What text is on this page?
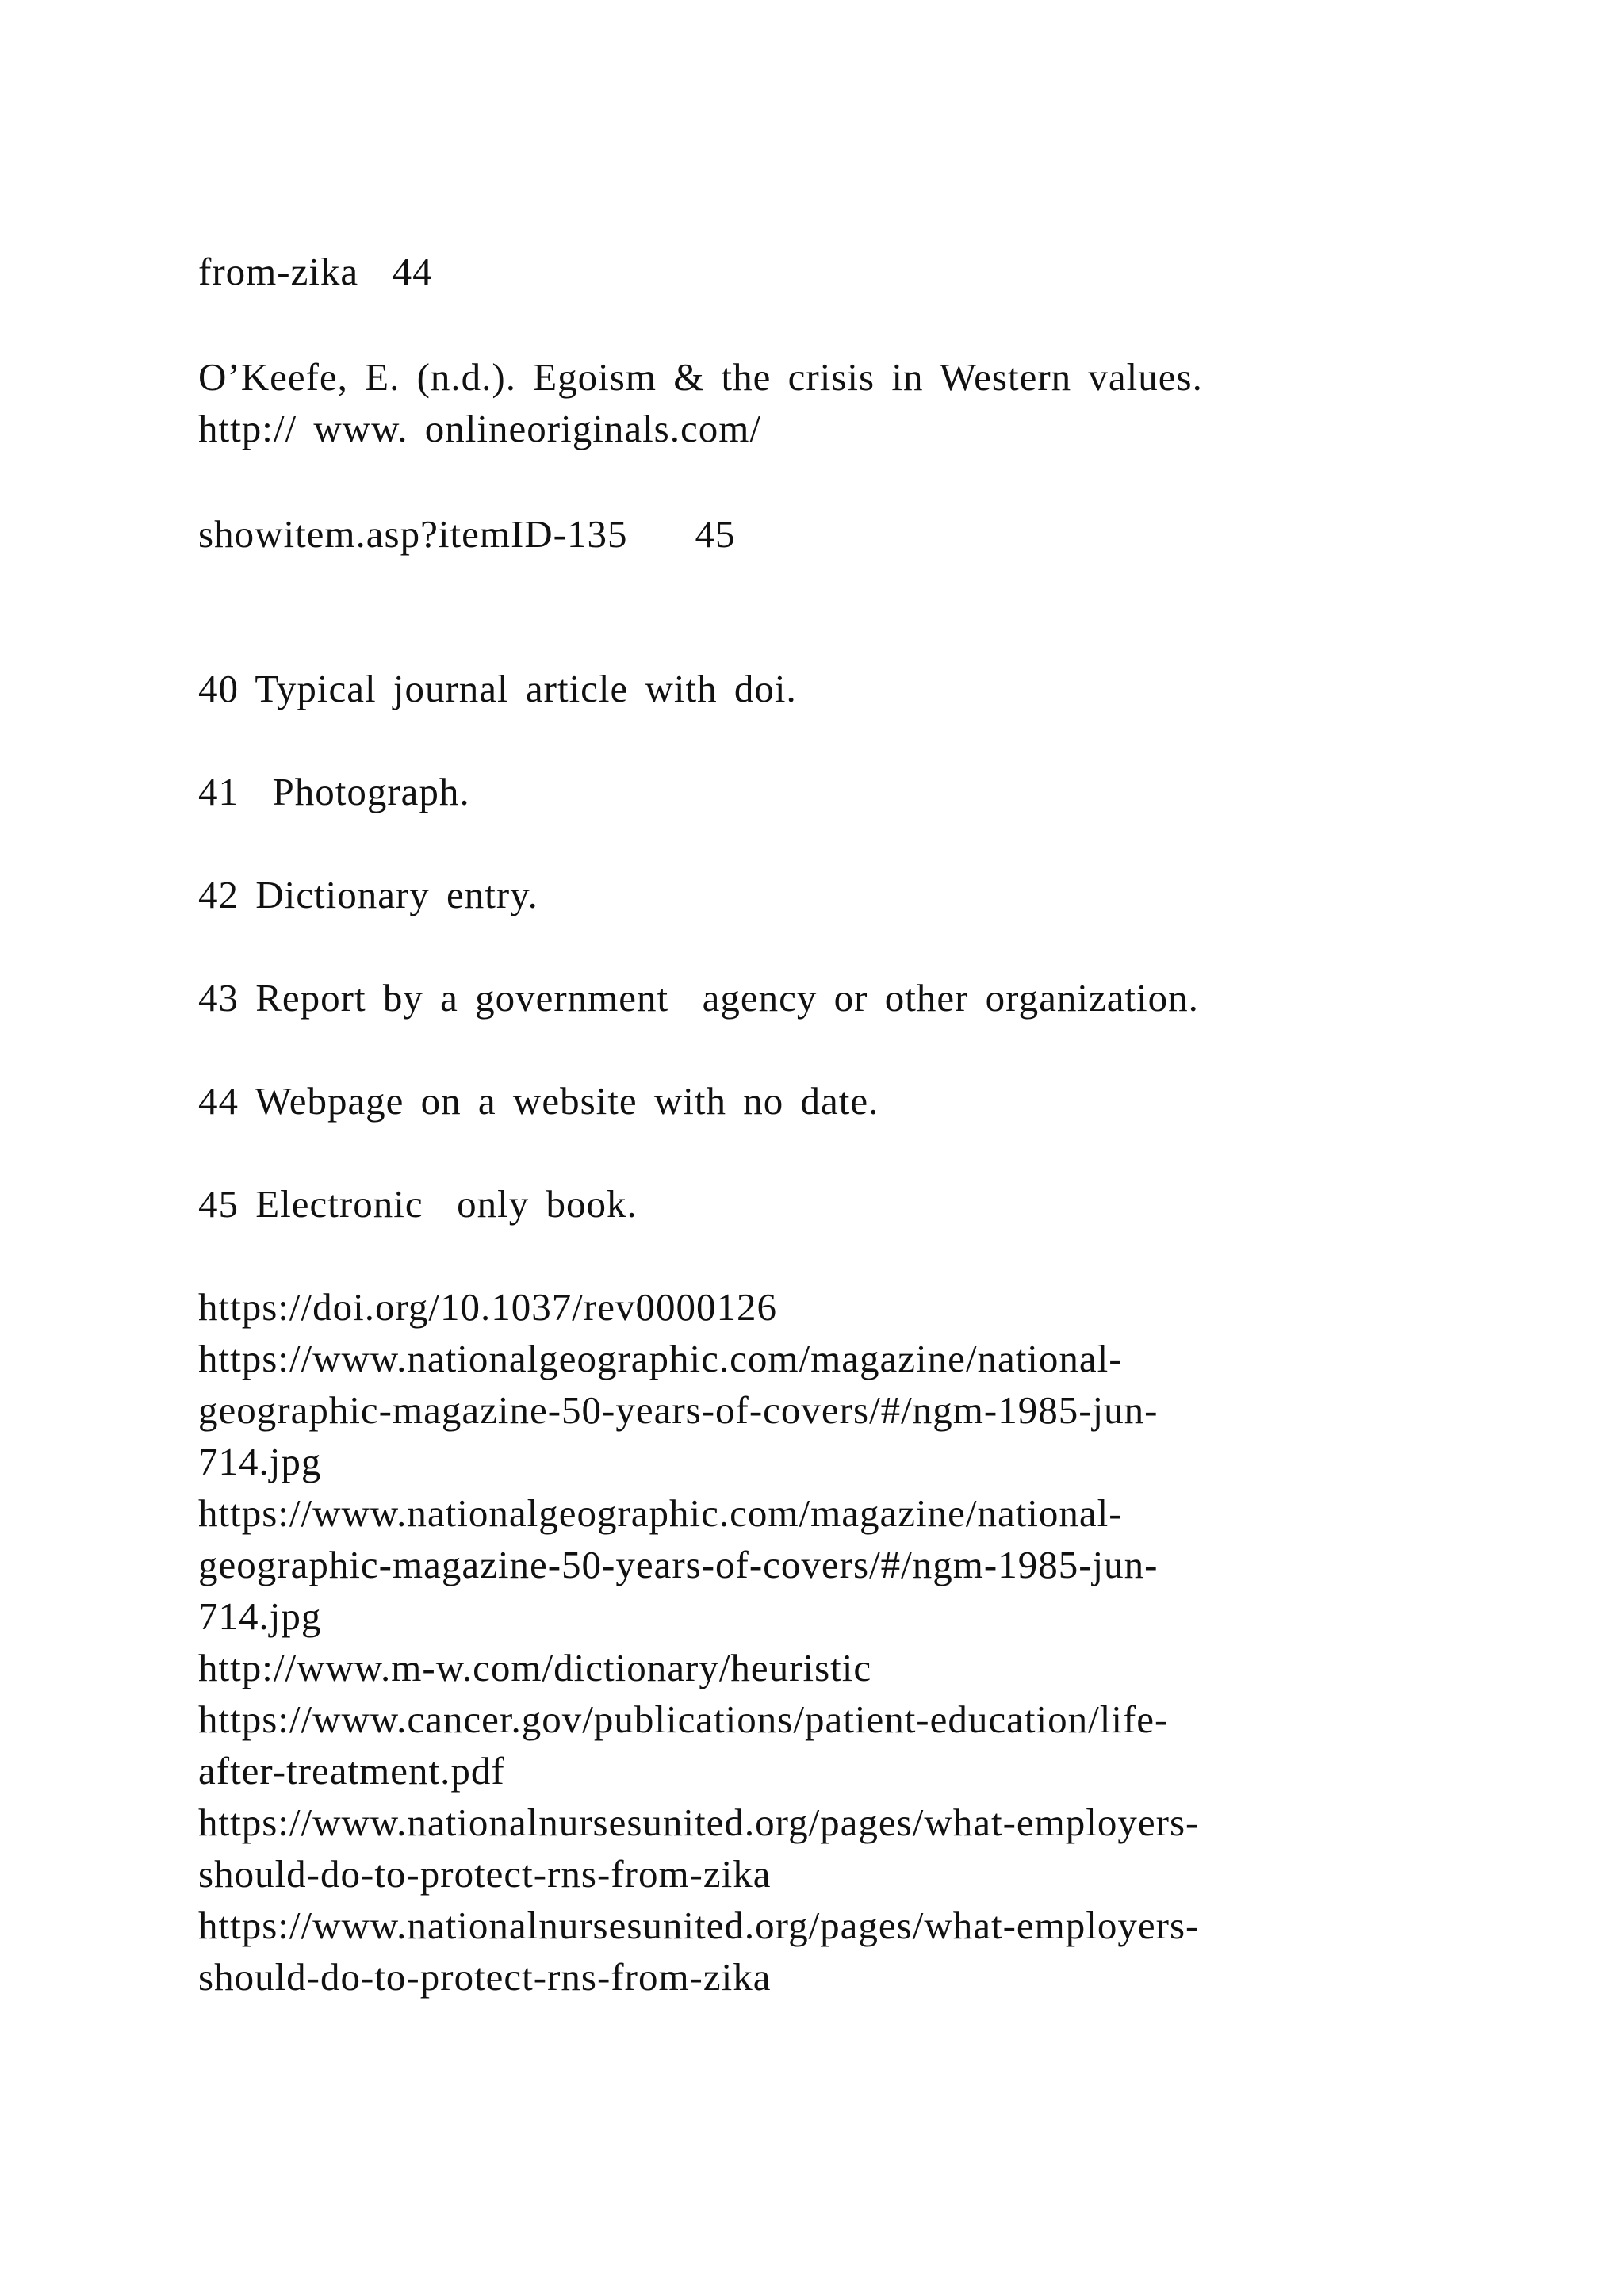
from-zika  44
O’Keefe, E. (n.d.). Egoism & the crisis in Western values.
http:// www. onlineoriginals.com/
showitem.asp?itemID-135    45
40 Typical journal article with doi.
41  Photograph.
42 Dictionary entry.
43 Report by a government  agency or other organization.
44 Webpage on a website with no date.
45 Electronic  only book.
https://doi.org/10.1037/rev0000126
https://www.nationalgeographic.com/magazine/national-
geographic-magazine-50-years-of-covers/#/ngm-1985-jun-
714.jpg
https://www.nationalgeographic.com/magazine/national-
geographic-magazine-50-years-of-covers/#/ngm-1985-jun-
714.jpg
http://www.m-w.com/dictionary/heuristic
https://www.cancer.gov/publications/patient-education/life-
after-treatment.pdf
https://www.nationalnursesunited.org/pages/what-employers-
should-do-to-protect-rns-from-zika
https://www.nationalnursesunited.org/pages/what-employers-
should-do-to-protect-rns-from-zika
